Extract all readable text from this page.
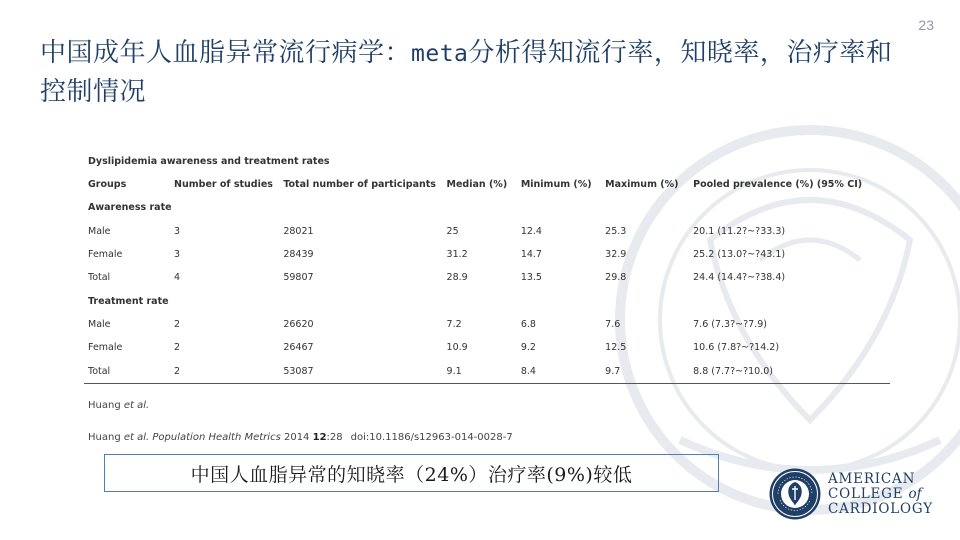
23
中国成年人血脂异常流行病学：meta分析得知流行率，知晓率，治疗率和控制情况
Dyslipidemia awareness and treatment rates
Groups	Number of studies	Total number of participants	Median (%)	Minimum (%)	Maximum (%)	Pooled prevalence (%) (95% CI)
Awareness rate						
Male	3	28021	25	12.4	25.3	20.1 (11.2?~?33.3)
Female	3	28439	31.2	14.7	32.9	25.2 (13.0?~?43.1)
Total	4	59807	28.9	13.5	29.8	24.4 (14.4?~?38.4)
Treatment rate						
Male	2	26620	7.2	6.8	7.6	7.6 (7.3?~?7.9)
Female	2	26467	10.9	9.2	12.5	10.6 (7.8?~?14.2)
Total	2	53087	9.1	8.4	9.7	8.8 (7.7?~?10.0)
Huang et al.
Huang et al. Population Health Metrics 2014 12:28 doi:10.1186/s12963-014-0028-7
中国人血脂异常的知晓率（24%）治疗率(9%)较低	AMERICAN
COLLEGE of
CARDIOLOGY
